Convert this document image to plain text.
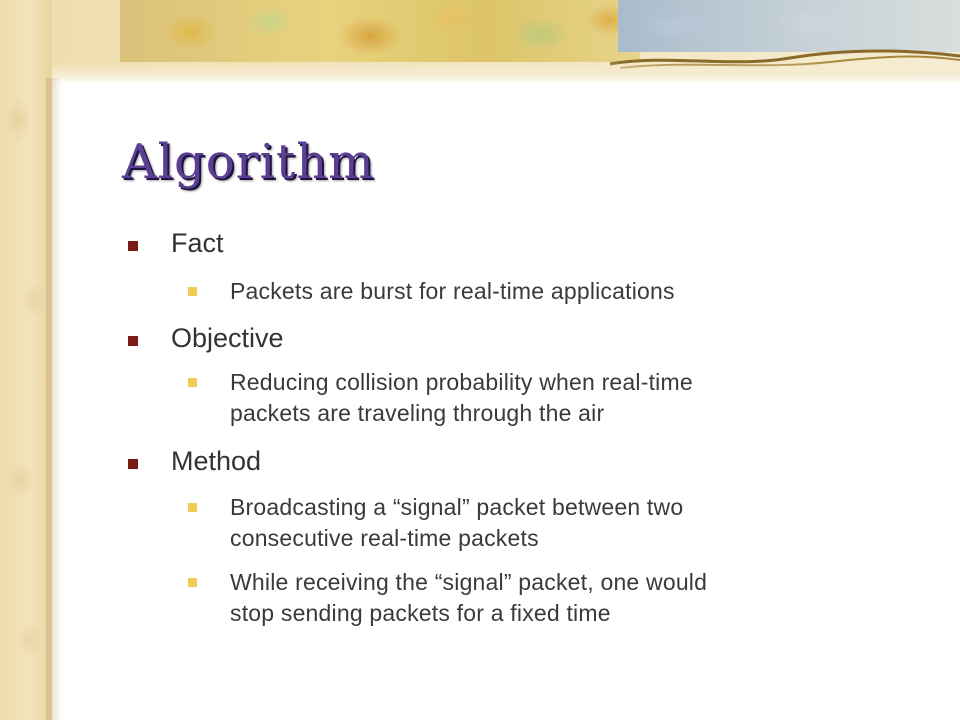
Algorithm
Fact
Packets are burst for real-time applications
Objective
Reducing collision probability when real-time
packets are traveling through the air
Method
Broadcasting a “signal” packet between two
consecutive real-time packets
While receiving the “signal” packet, one would
stop sending packets for a fixed time
